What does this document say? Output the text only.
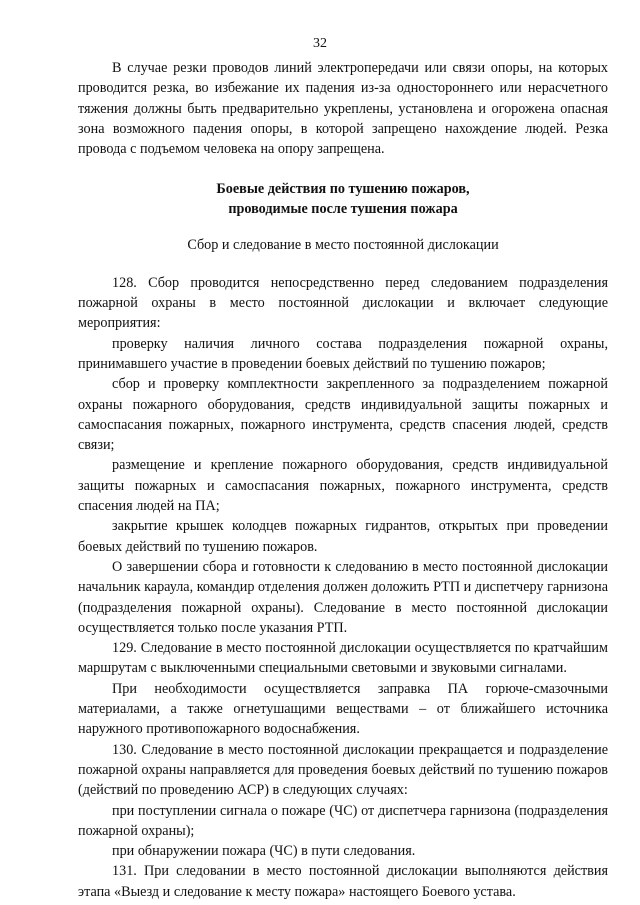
32

В случае резки проводов линий электропередачи или связи опоры, на которых проводится резка, во избежание их падения из-за одностороннего или нерасчетного тяжения должны быть предварительно укреплены, установлена и огорожена опасная зона возможного падения опоры, в которой запрещено нахождение людей. Резка провода с подъемом человека на опору запрещена.

Боевые действия по тушению пожаров,
проводимые после тушения пожара

Сбор и следование в место постоянной дислокации

128. Сбор проводится непосредственно перед следованием подразделения пожарной охраны в место постоянной дислокации и включает следующие мероприятия:

проверку наличия личного состава подразделения пожарной охраны, принимавшего участие в проведении боевых действий по тушению пожаров;

сбор и проверку комплектности закрепленного за подразделением пожарной охраны пожарного оборудования, средств индивидуальной защиты пожарных и самоспасания пожарных, пожарного инструмента, средств спасения людей, средств связи;

размещение и крепление пожарного оборудования, средств индивидуальной защиты пожарных и самоспасания пожарных, пожарного инструмента, средств спасения людей на ПА;

закрытие крышек колодцев пожарных гидрантов, открытых при проведении боевых действий по тушению пожаров.

О завершении сбора и готовности к следованию в место постоянной дислокации начальник караула, командир отделения должен доложить РТП и диспетчеру гарнизона (подразделения пожарной охраны). Следование в место постоянной дислокации осуществляется только после указания РТП.

129. Следование в место постоянной дислокации осуществляется по кратчайшим маршрутам с выключенными специальными световыми и звуковыми сигналами.

При необходимости осуществляется заправка ПА горюче-смазочными материалами, а также огнетушащими веществами – от ближайшего источника наружного противопожарного водоснабжения.

130. Следование в место постоянной дислокации прекращается и подразделение пожарной охраны направляется для проведения боевых действий по тушению пожаров (действий по проведению АСР) в следующих случаях:

при поступлении сигнала о пожаре (ЧС) от диспетчера гарнизона (подразделения пожарной охраны);

при обнаружении пожара (ЧС) в пути следования.

131. При следовании в место постоянной дислокации выполняются действия этапа «Выезд и следование к месту пожара» настоящего Боевого устава.
